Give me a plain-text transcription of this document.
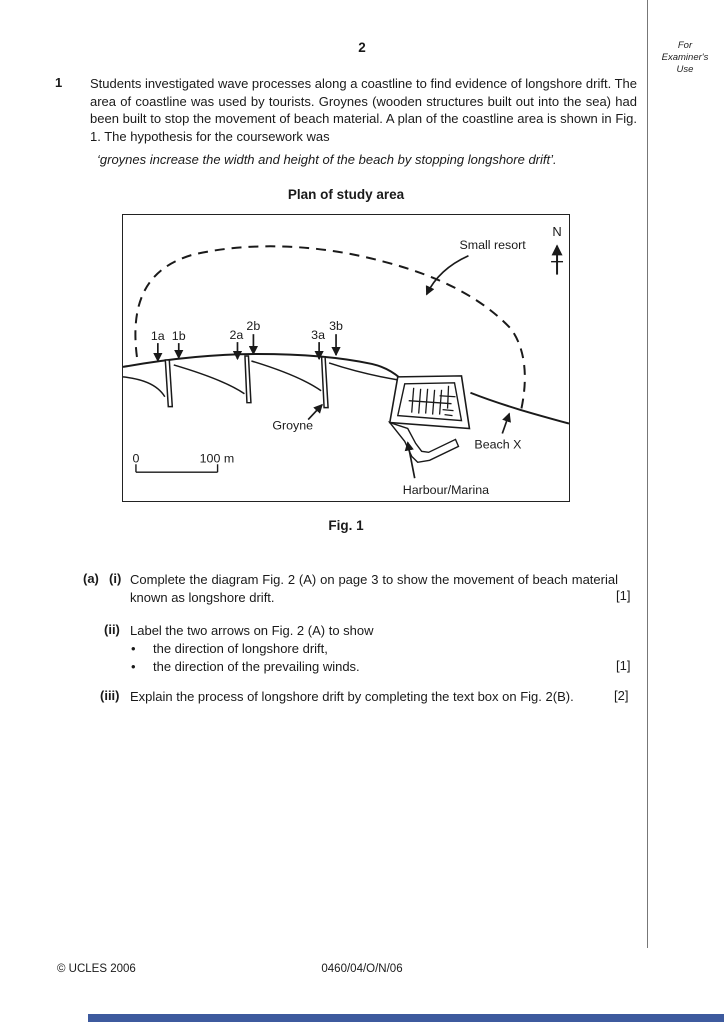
2	For
Examiner's
Use
1 Students investigated wave processes along a coastline to find evidence of longshore drift. The area of coastline was used by tourists. Groynes (wooden structures built out into the sea) had been built to stop the movement of beach material. A plan of the coastline area is shown in Fig. 1. The hypothesis for the coursework was

‘groynes increase the width and height of the beach by stopping longshore drift’.

Plan of study area
1a 1b	2a
2b
3a
3b
Small resort
N
Groyne
Harbour/Marina
Beach X
0	100 m
Fig. 1
(a) (i) Complete the diagram Fig. 2 (A) on page 3 to show the movement of beach material known as longshore drift.	[1]
(ii) Label the two arrows on Fig. 2 (A) to show

• the direction of longshore drift,
• the direction of the prevailing winds.	[1]
(iii) Explain the process of longshore drift by completing the text box on Fig. 2(B).	[2]
© UCLES 2006	0460/04/O/N/06
